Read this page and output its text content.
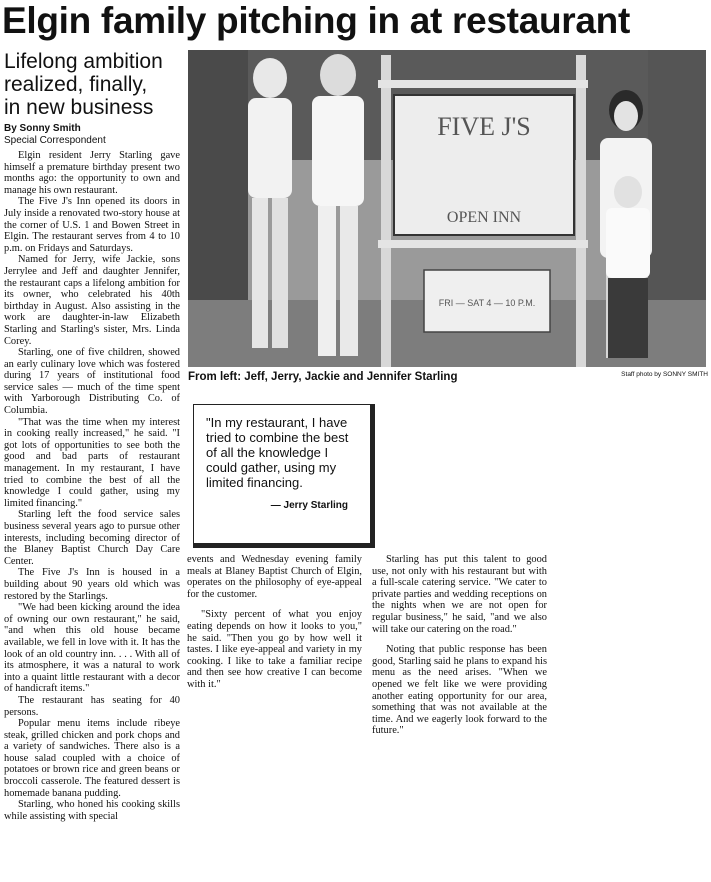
Elgin family pitching in at restaurant
Lifelong ambition
realized, finally,
in new business
By Sonny Smith
Special Correspondent

Elgin resident Jerry Starling gave himself a premature birthday present two months ago: the opportunity to own and manage his own restaurant.

The Five J's Inn opened its doors in July inside a renovated two-story house at the corner of U.S. 1 and Bowen Street in Elgin. The restaurant serves from 4 to 10 p.m. on Fridays and Saturdays.

Named for Jerry, wife Jackie, sons Jerrylee and Jeff and daughter Jennifer, the restaurant caps a lifelong ambition for its owner, who celebrated his 40th birthday in August. Also assisting in the work are daughter-in-law Elizabeth Starling and Starling's sister, Mrs. Linda Corey.

Starling, one of five children, showed an early culinary love which was fostered during 17 years of institutional food service sales — much of the time spent with Yarborough Distributing Co. of Columbia.

"That was the time when my interest in cooking really increased," he said. "I got lots of opportunities to see both the good and bad parts of restaurant management. In my restaurant, I have tried to combine the best of all the knowledge I could gather, using my limited financing."

Starling left the food service sales business several years ago to pursue other interests, including becoming director of the Blaney Baptist Church Day Care Center.

The Five J's Inn is housed in a building about 90 years old which was restored by the Starlings.

"We had been kicking around the idea of owning our own restaurant," he said, "and when this old house became available, we fell in love with it. It has the look of an old country inn. . . . With all of its atmosphere, it was a natural to work into a quaint little restaurant with a decor of handicraft items."

The restaurant has seating for 40 persons.

Popular menu items include ribeye steak, grilled chicken and pork chops and a variety of sandwiches. There also is a house salad coupled with a choice of potatoes or brown rice and green beans or broccoli casserole. The featured dessert is homemade banana pudding.

Starling, who honed his cooking skills while assisting with special

FIVE J'S
OPEN INN
FRI — SAT 4 — 10 P.M.
From left: Jeff, Jerry, Jackie and Jennifer Starling	Staff photo by SONNY SMITH

"In my restaurant, I have tried to combine the best of all the knowledge I could gather, using my limited financing.

— Jerry Starling

events and Wednesday evening family meals at Blaney Baptist Church of Elgin, operates on the philosophy of eye-appeal for the customer.

"Sixty percent of what you enjoy eating depends on how it looks to you," he said. "Then you go by how well it tastes. I like eye-appeal and variety in my cooking. I like to take a familiar recipe and then see how creative I can become with it."

Starling has put this talent to good use, not only with his restaurant but with a full-scale catering service. "We cater to private parties and wedding receptions on the nights when we are not open for regular business," he said, "and we also will take our catering on the road."

Noting that public response has been good, Starling said he plans to expand his menu as the need arises. "When we opened we felt like we were providing another eating opportunity for our area, something that was not available at the time. And we eagerly look forward to the future."
